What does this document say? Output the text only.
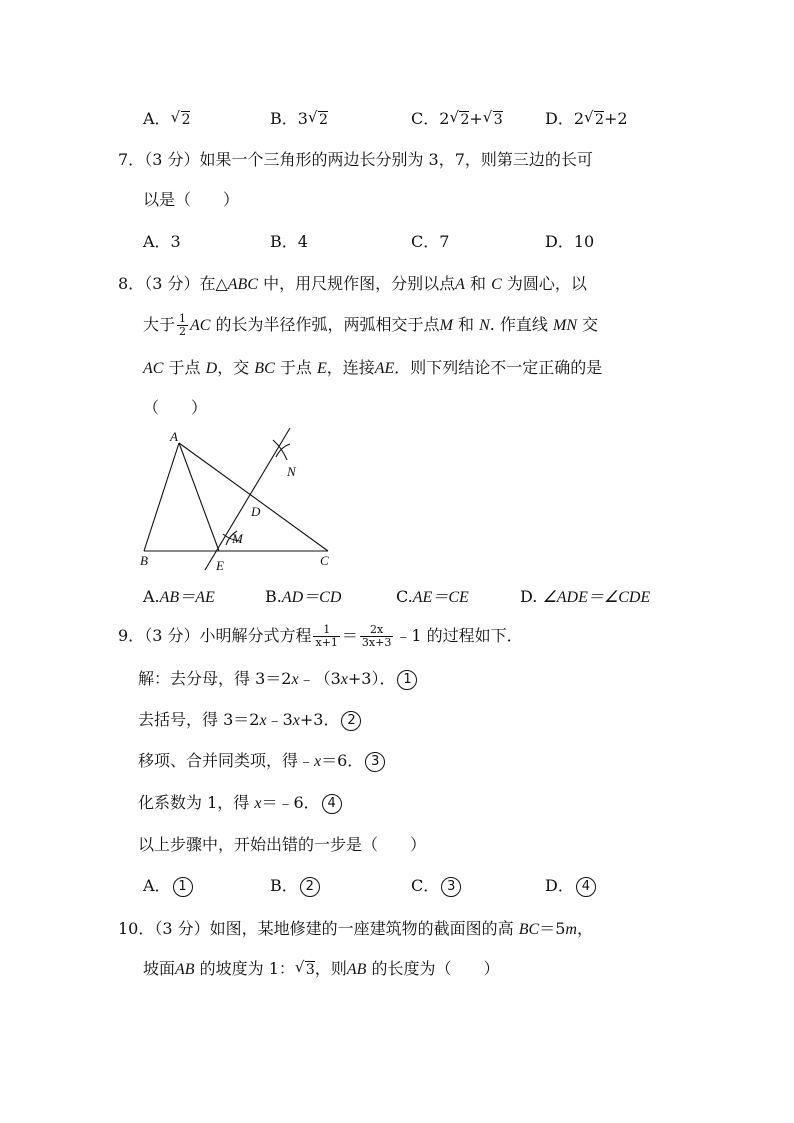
A． √ 2	B．3 √ 2	C．2 √ 2+ √ 3	D．2 √ 2+2
7．（3 分）如果一个三角形的两边长分别为 3，7，则第三边的长可
以是（　　）
A．3	B．4	C．7	D．10
8．（3 分）在△ABC 中，用尺规作图，分别以点A 和 C 为圆心，以
大于 $\frac{1}{2}$ AC 的长为半径作弧，两弧相交于点M 和 N. 作直线 MN 交
AC 于点 D，交 BC 于点 E，连接AE．则下列结论不一定正确的是
（　　）
A
B	C
D
E
M
N
A.AB＝AE	B.AD＝CD	C.AE＝CE	D. ∠ADE＝∠CDE
9．（3 分）小明解分式方程 $\frac{1}{x+1} = \frac{2x}{3x+3}$ ﹣1 的过程如下．
解：去分母，得 3＝2x﹣（3x+3）． 1
去括号，得 3＝2x﹣3x+3． 2
移项、合并同类项，得﹣x＝6． 3
化系数为 1，得 x＝﹣6． 4
以上步骤中，开始出错的一步是（　　）
A． 1	B． 2	C． 3	D． 4
10．（3 分）如图，某地修建的一座建筑物的截面图的高 BC＝5m，
坡面AB 的坡度为 1： √ 3，则AB 的长度为（　　）
